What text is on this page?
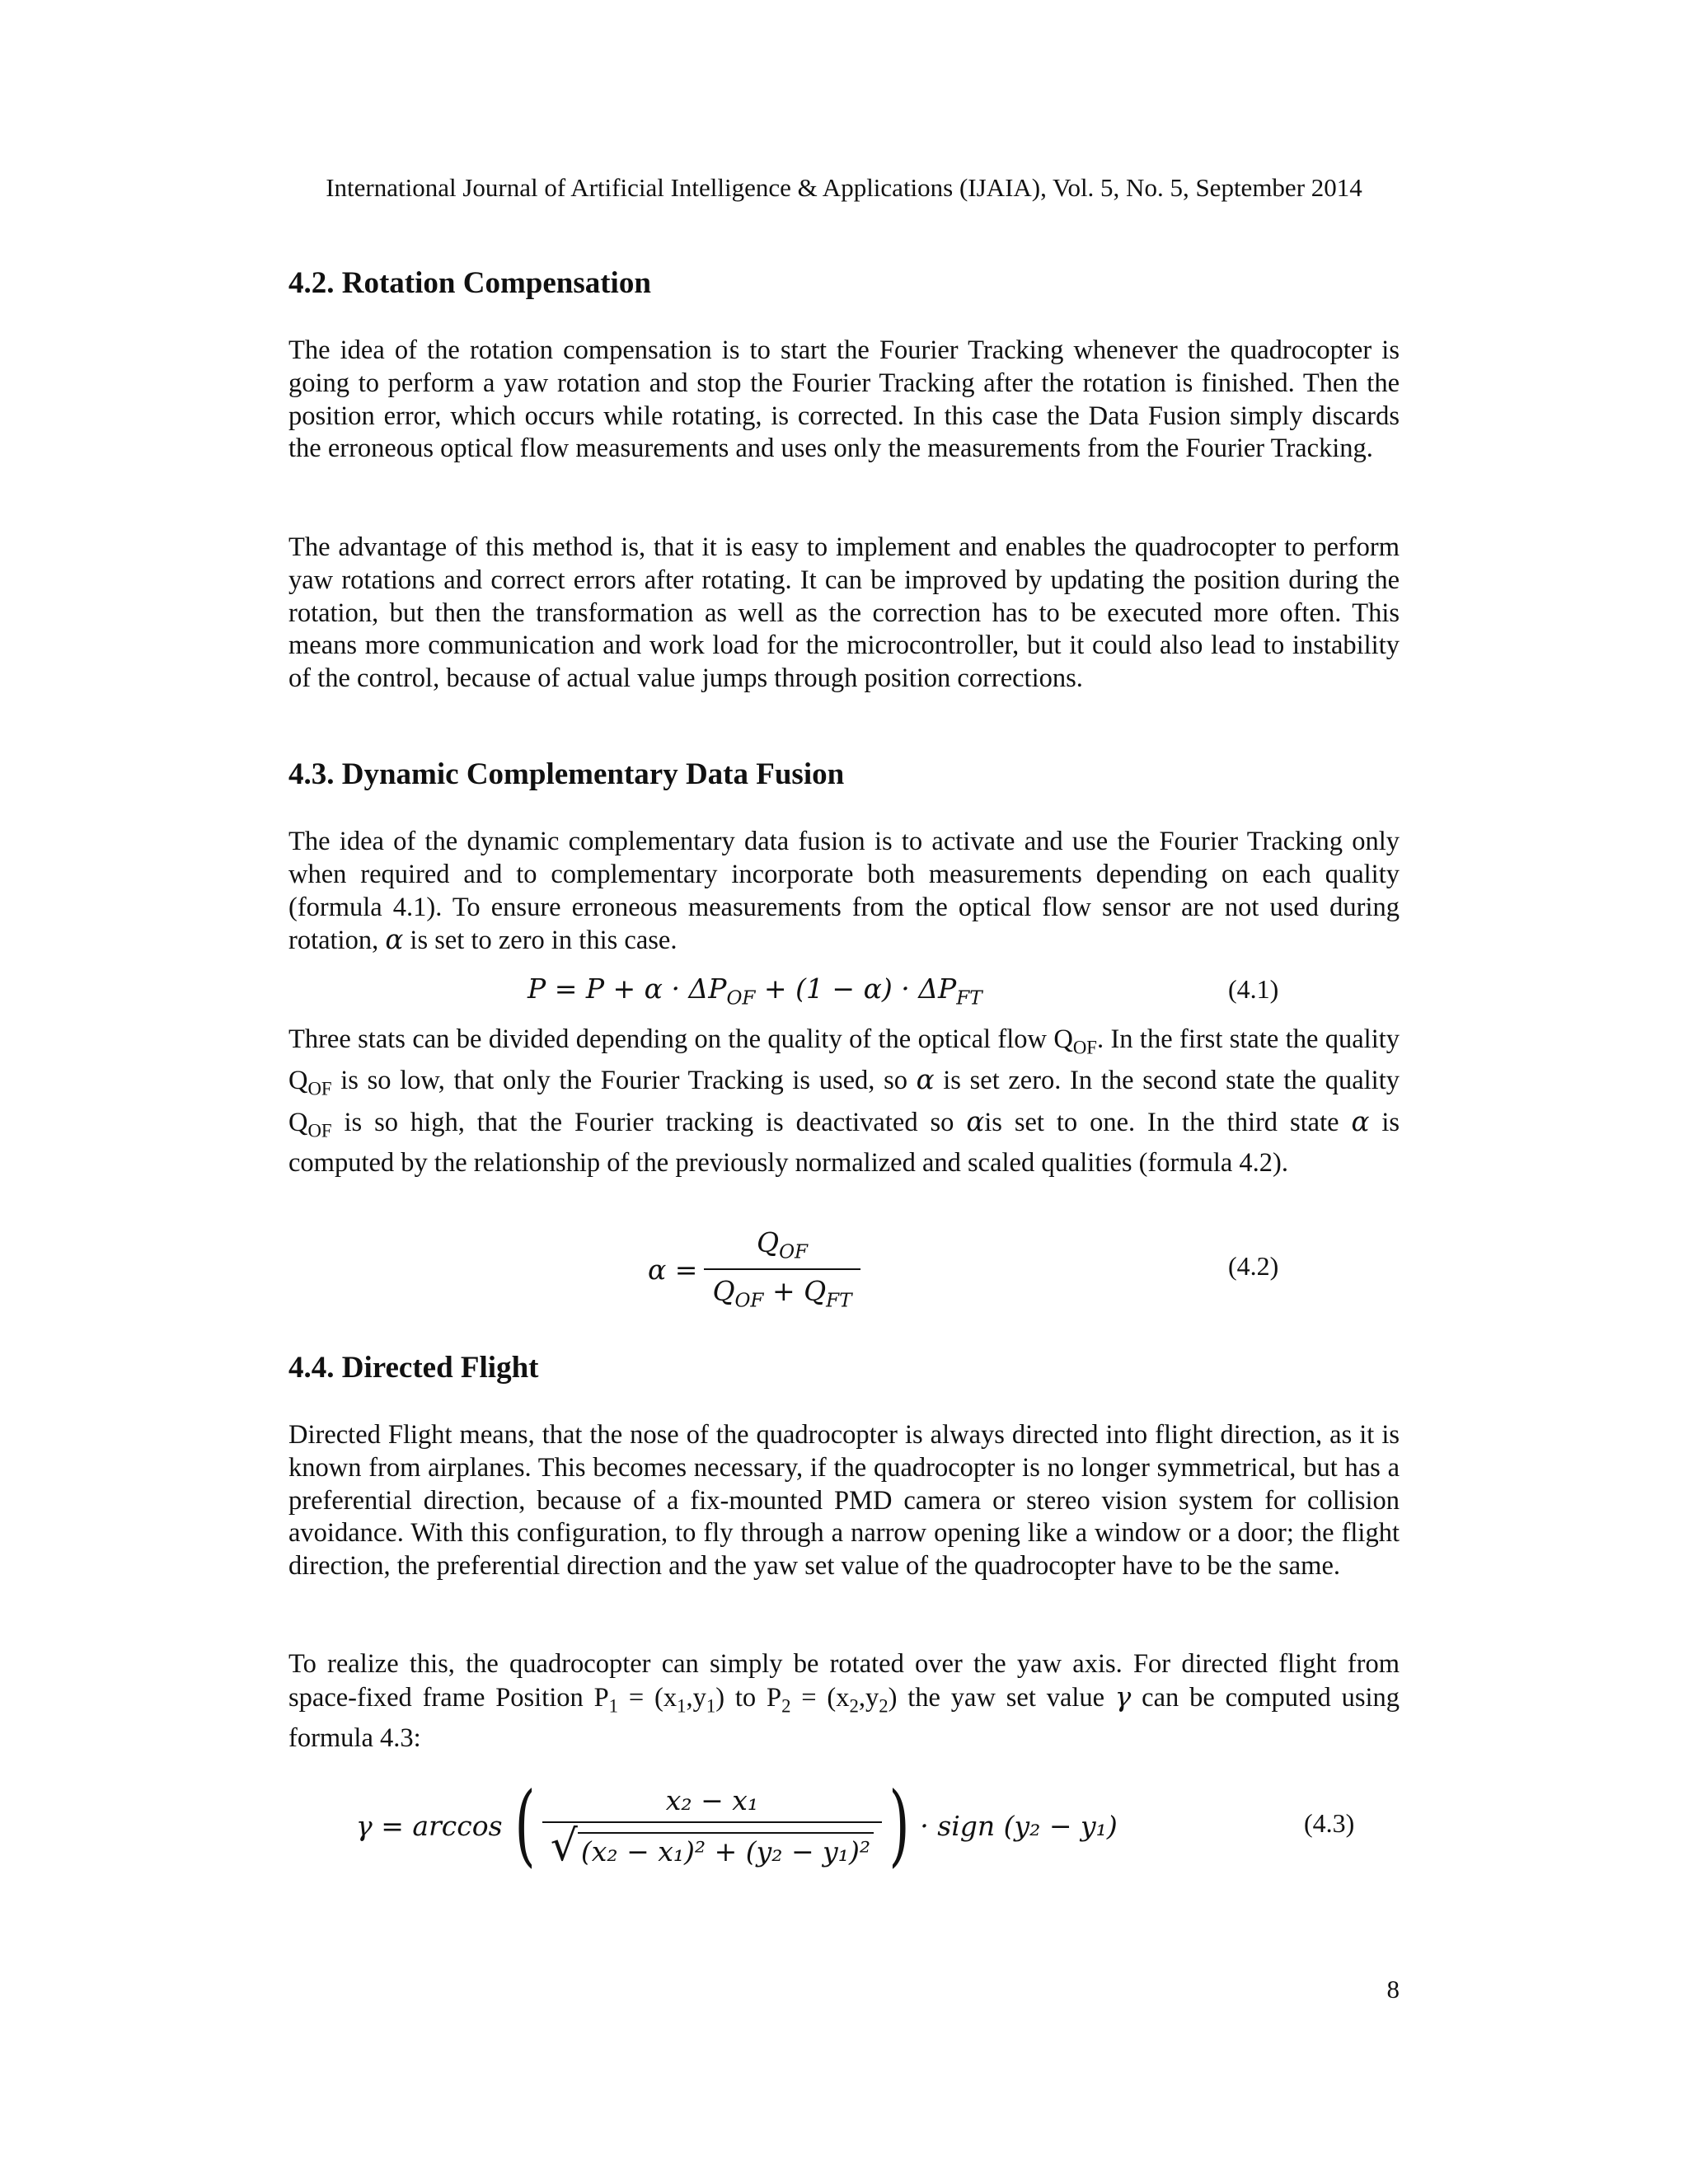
International Journal of Artificial Intelligence & Applications (IJAIA), Vol. 5, No. 5, September 2014
4.2. Rotation Compensation

The idea of the rotation compensation is to start the Fourier Tracking whenever the quadrocopter is going to perform a yaw rotation and stop the Fourier Tracking after the rotation is finished. Then the position error, which occurs while rotating, is corrected. In this case the Data Fusion simply discards the erroneous optical flow measurements and uses only the measurements from the Fourier Tracking.

The advantage of this method is, that it is easy to implement and enables the quadrocopter to perform yaw rotations and correct errors after rotating. It can be improved by updating the position during the rotation, but then the transformation as well as the correction has to be executed more often. This means more communication and work load for the microcontroller, but it could also lead to instability of the control, because of actual value jumps through position corrections.

4.3. Dynamic Complementary Data Fusion

The idea of the dynamic complementary data fusion is to activate and use the Fourier Tracking only when required and to complementary incorporate both measurements depending on each quality (formula 4.1). To ensure erroneous measurements from the optical flow sensor are not used during rotation, α is set to zero in this case.

$P = P + \alpha \cdot \Delta P_{OF} + (1 - \alpha) \cdot \Delta P_{FT}$	(4.1)

Three stats can be divided depending on the quality of the optical flow $Q_{OF}$. In the first state the quality $Q_{OF}$ is so low, that only the Fourier Tracking is used, so α is set zero. In the second state the quality $Q_{OF}$ is so high, that the Fourier tracking is deactivated so αis set to one. In the third state α is computed by the relationship of the previously normalized and scaled qualities (formula 4.2).

$\alpha = \frac{Q_{OF}}{Q_{OF} + Q_{FT}}$	(4.2)
4.4. Directed Flight

Directed Flight means, that the nose of the quadrocopter is always directed into flight direction, as it is known from airplanes. This becomes necessary, if the quadrocopter is no longer symmetrical, but has a preferential direction, because of a fix-mounted PMD camera or stereo vision system for collision avoidance. With this configuration, to fly through a narrow opening like a window or a door; the flight direction, the preferential direction and the yaw set value of the quadrocopter have to be the same.

To realize this, the quadrocopter can simply be rotated over the yaw axis. For directed flight from space-fixed frame Position $P_1 = (x_1,y_1)$ to $P_2 = (x_2,y_2)$ the yaw set value γ can be computed using formula 4.3:

γ = arccos ( $\frac{\text{x₂ − x₁}}{\text{√ (x₂ − x₁)² + (y₂ − y₁)²}}$ ) · sign (y₂ − y₁)	(4.3)
8
